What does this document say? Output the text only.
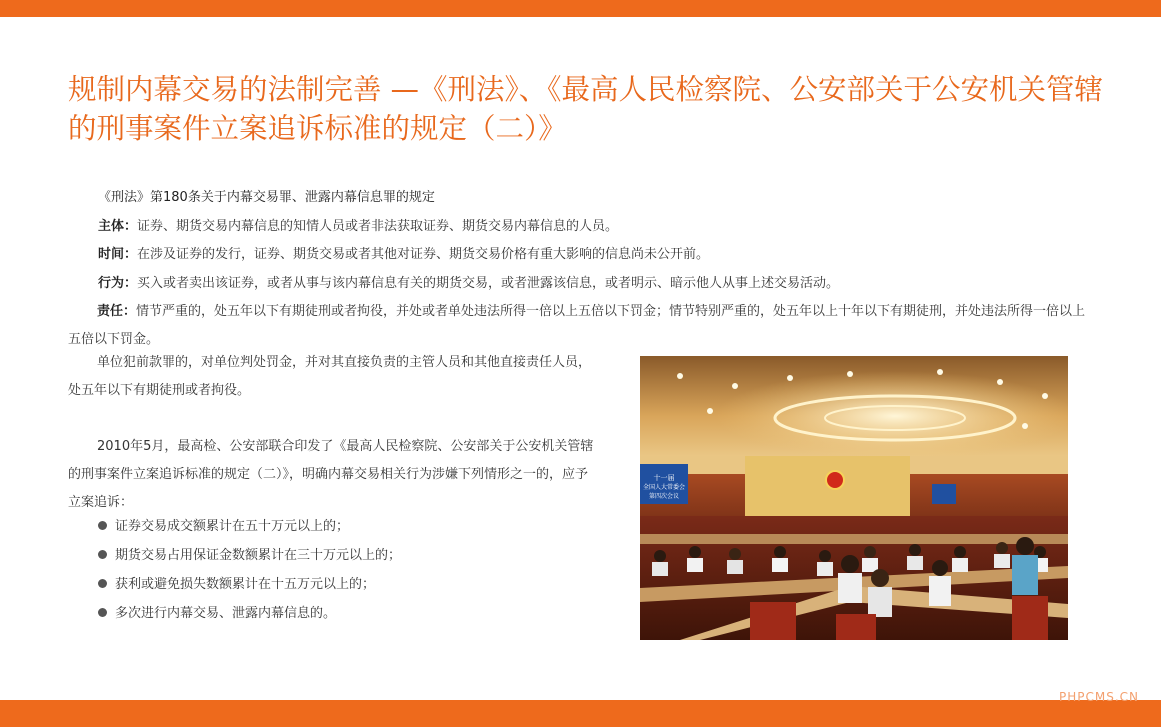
规制内幕交易的法制完善 —《刑法》、《最高人民检察院、公安部关于公安机关管辖的刑事案件立案追诉标准的规定（二）》
《刑法》第180条关于内幕交易罪、泄露内幕信息罪的规定
主体：证券、期货交易内幕信息的知情人员或者非法获取证券、期货交易内幕信息的人员。
时间：在涉及证券的发行，证券、期货交易或者其他对证券、期货交易价格有重大影响的信息尚未公开前。
行为：买入或者卖出该证券，或者从事与该内幕信息有关的期货交易，或者泄露该信息，或者明示、暗示他人从事上述交易活动。
责任：情节严重的，处五年以下有期徒刑或者拘役，并处或者单处违法所得一倍以上五倍以下罚金；情节特别严重的，处五年以上十年以下有期徒刑，并处违法所得一倍以上五倍以下罚金。
单位犯前款罪的，对单位判处罚金，并对其直接负责的主管人员和其他直接责任人员，处五年以下有期徒刑或者拘役。
2010年5月，最高检、公安部联合印发了《最高人民检察院、公安部关于公安机关管辖的刑事案件立案追诉标准的规定（二）》，明确内幕交易相关行为涉嫌下列情形之一的，应予立案追诉：
证券交易成交额累计在五十万元以上的；
期货交易占用保证金数额累计在三十万元以上的；
获利或避免损失数额累计在十五万元以上的；
多次进行内幕交易、泄露内幕信息的。
十一届
全国人大常委会
第四次会议
PHPCMS.CN
